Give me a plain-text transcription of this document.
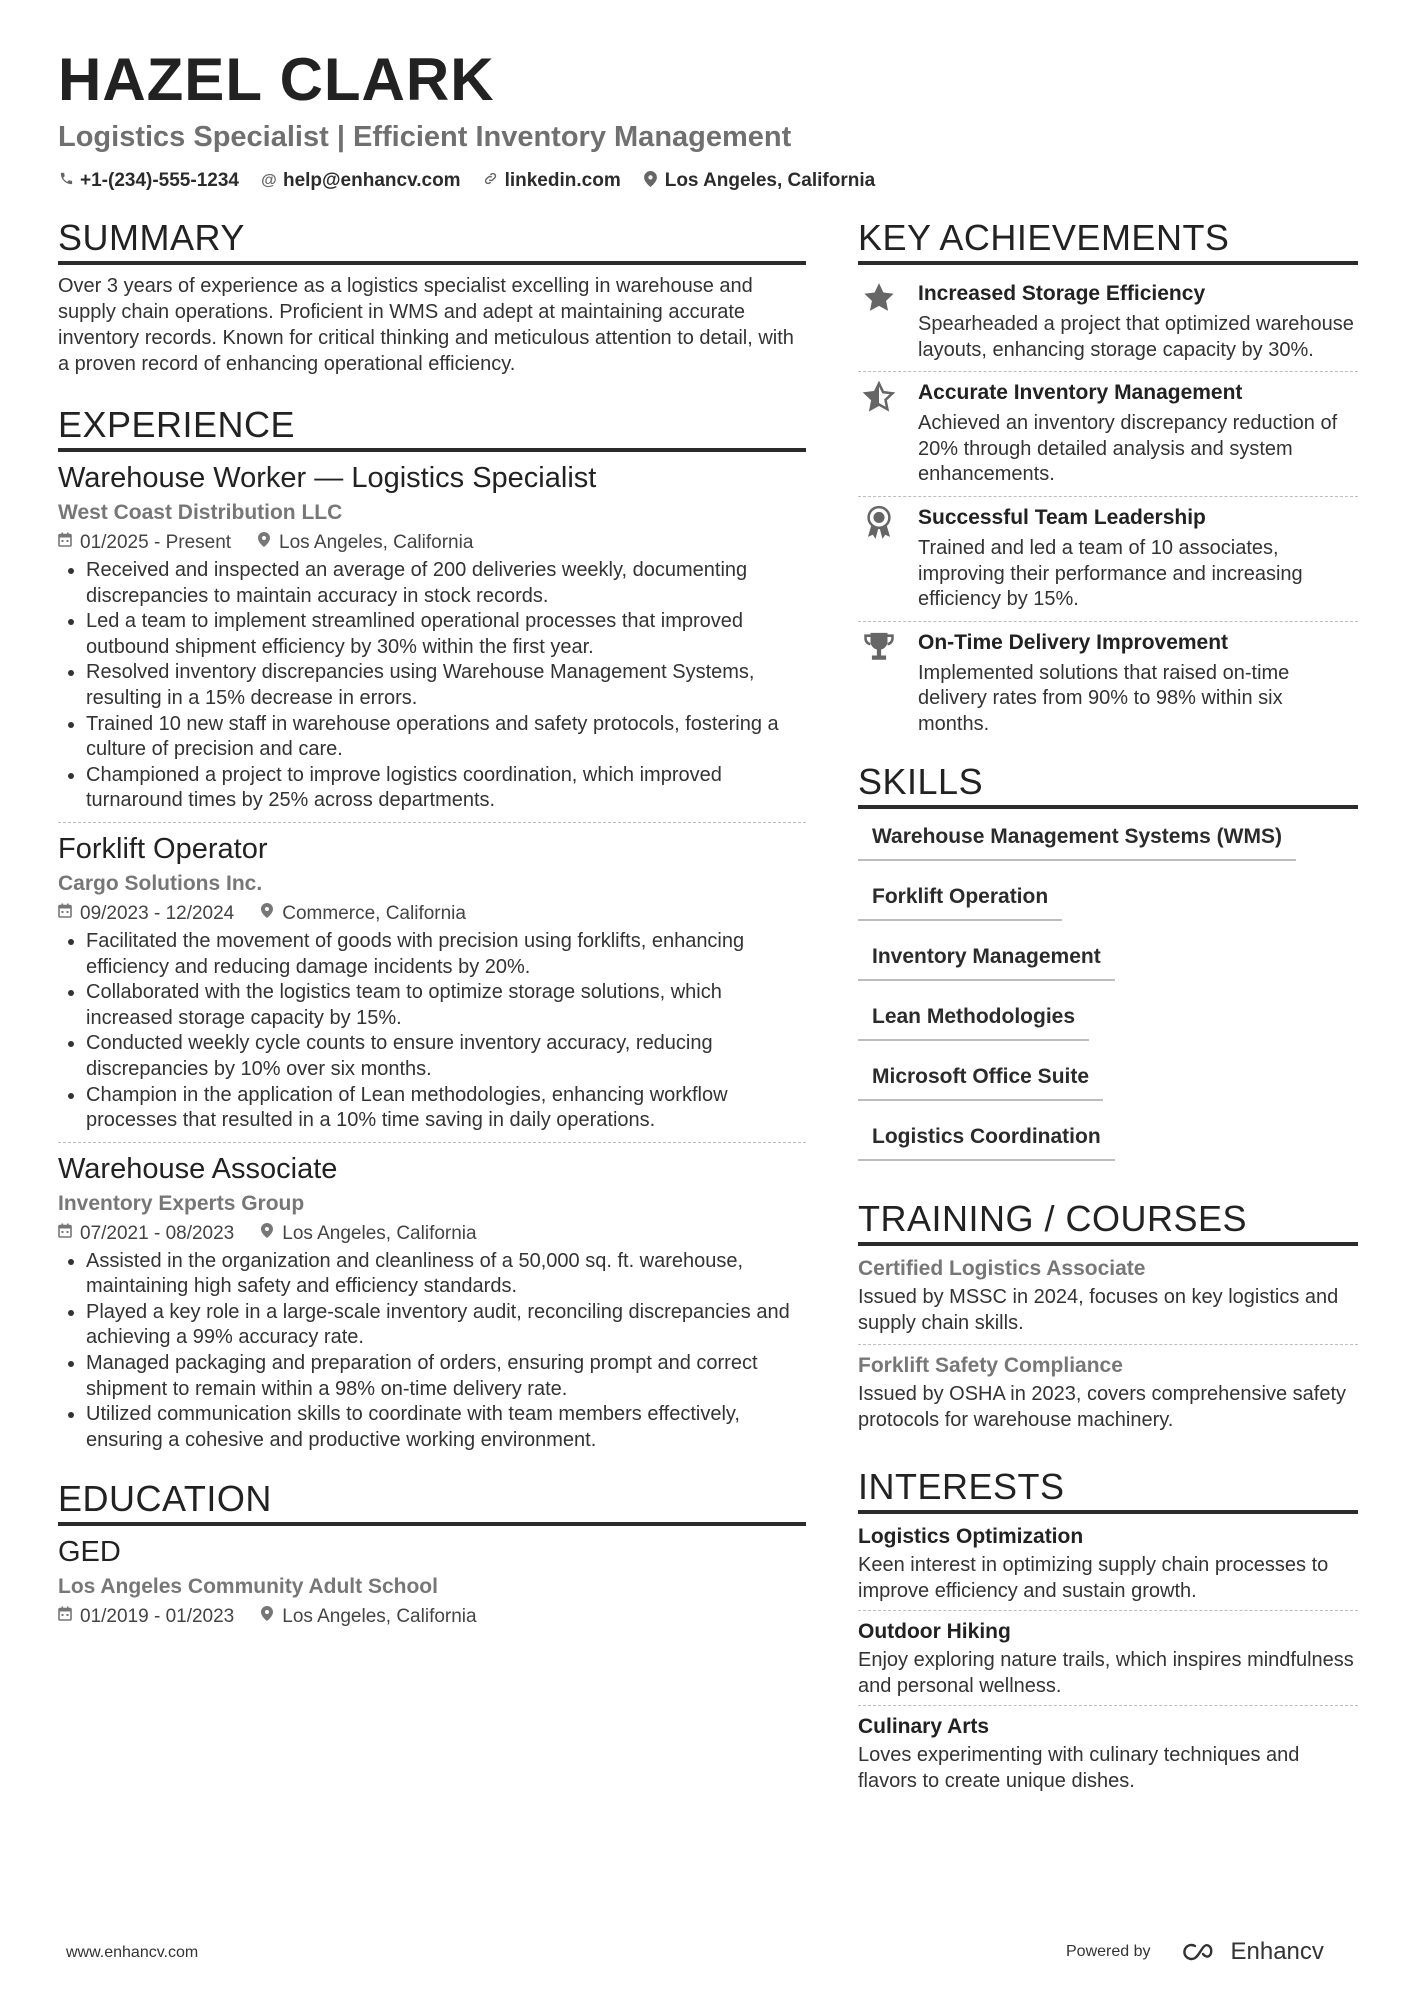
HAZEL CLARK
Logistics Specialist | Efficient Inventory Management
+1-(234)-555-1234 @ help@enhancv.com linkedin.com Los Angeles, California
SUMMARY
Over 3 years of experience as a logistics specialist excelling in warehouse and supply chain operations. Proficient in WMS and adept at maintaining accurate inventory records. Known for critical thinking and meticulous attention to detail, with a proven record of enhancing operational efficiency.
EXPERIENCE
Warehouse Worker — Logistics Specialist
West Coast Distribution LLC
01/2025 - Present	Los Angeles, California
• Received and inspected an average of 200 deliveries weekly, documenting discrepancies to maintain accuracy in stock records.
• Led a team to implement streamlined operational processes that improved outbound shipment efficiency by 30% within the first year.
• Resolved inventory discrepancies using Warehouse Management Systems, resulting in a 15% decrease in errors.
• Trained 10 new staff in warehouse operations and safety protocols, fostering a culture of precision and care.
• Championed a project to improve logistics coordination, which improved turnaround times by 25% across departments.
Forklift Operator
Cargo Solutions Inc.
09/2023 - 12/2024	Commerce, California
• Facilitated the movement of goods with precision using forklifts, enhancing efficiency and reducing damage incidents by 20%.
• Collaborated with the logistics team to optimize storage solutions, which increased storage capacity by 15%.
• Conducted weekly cycle counts to ensure inventory accuracy, reducing discrepancies by 10% over six months.
• Champion in the application of Lean methodologies, enhancing workflow processes that resulted in a 10% time saving in daily operations.
Warehouse Associate
Inventory Experts Group
07/2021 - 08/2023	Los Angeles, California
• Assisted in the organization and cleanliness of a 50,000 sq. ft. warehouse, maintaining high safety and efficiency standards.
• Played a key role in a large-scale inventory audit, reconciling discrepancies and achieving a 99% accuracy rate.
• Managed packaging and preparation of orders, ensuring prompt and correct shipment to remain within a 98% on-time delivery rate.
• Utilized communication skills to coordinate with team members effectively, ensuring a cohesive and productive working environment.
EDUCATION
GED
Los Angeles Community Adult School
01/2019 - 01/2023	Los Angeles, California
KEY ACHIEVEMENTS
Increased Storage Efficiency
Spearheaded a project that optimized warehouse layouts, enhancing storage capacity by 30%.
Accurate Inventory Management
Achieved an inventory discrepancy reduction of 20% through detailed analysis and system enhancements.
Successful Team Leadership
Trained and led a team of 10 associates, improving their performance and increasing efficiency by 15%.
On-Time Delivery Improvement
Implemented solutions that raised on-time delivery rates from 90% to 98% within six months.
SKILLS
Warehouse Management Systems (WMS)
Forklift Operation
Inventory Management
Lean Methodologies
Microsoft Office Suite
Logistics Coordination
TRAINING / COURSES
Certified Logistics Associate
Issued by MSSC in 2024, focuses on key logistics and supply chain skills.
Forklift Safety Compliance
Issued by OSHA in 2023, covers comprehensive safety protocols for warehouse machinery.
INTERESTS
Logistics Optimization
Keen interest in optimizing supply chain processes to improve efficiency and sustain growth.
Outdoor Hiking
Enjoy exploring nature trails, which inspires mindfulness and personal wellness.
Culinary Arts
Loves experimenting with culinary techniques and flavors to create unique dishes.
www.enhancv.com	Powered by	Enhancv
